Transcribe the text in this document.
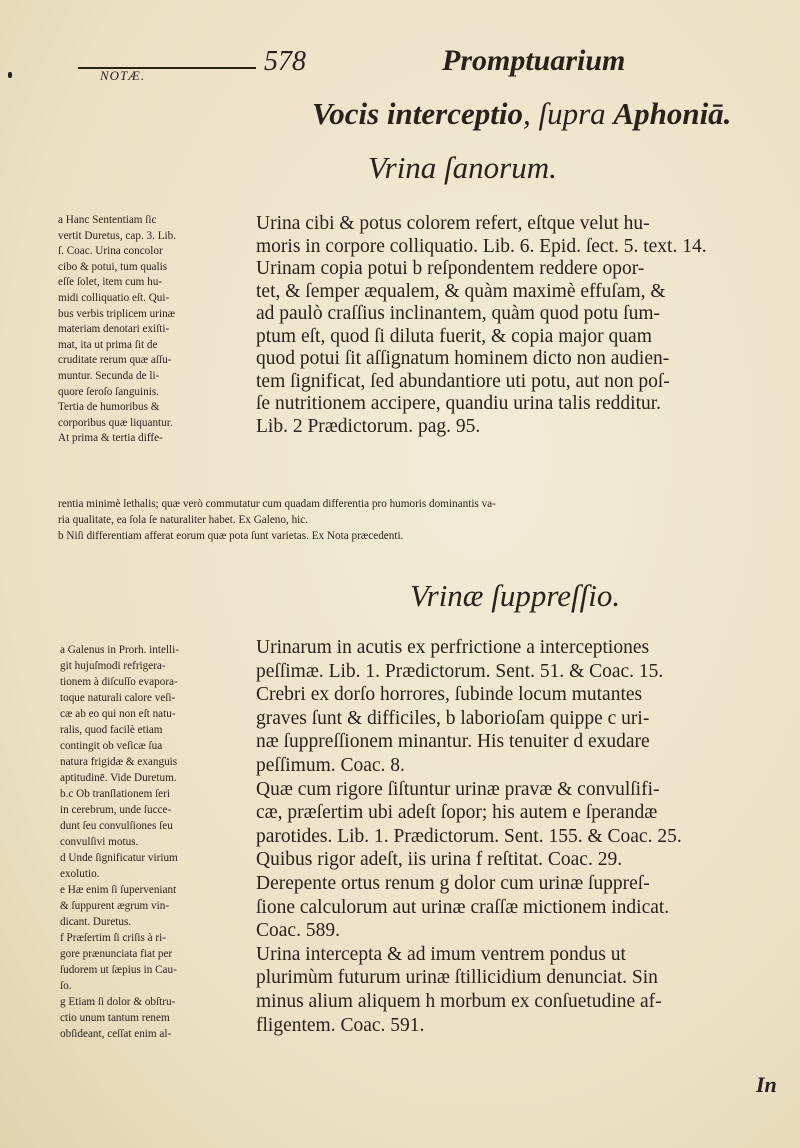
NOTÆ.	578	Promptuarium
Vocis interceptio, ſupra Aphoniā.
Vrina ſanorum.
a Hanc Sententiam ſic
vertit Duretus, cap. 3. Lib.
ſ. Coac. Urina concolor
cibo & potui, tum qualis
eſſe ſolet, item cum hu-
midi colliquatio eſt. Qui-
bus verbis triplicem urinæ
materiam denotari exiſti-
mat, ita ut prima ſit de
cruditate rerum quæ aſſu-
muntur. Secunda de li-
quore ſeroſo ſanguinis.
Tertia de humoribus &
corporibus quæ liquantur.
At prima & tertia diffe-
Urina cibi & potus colorem refert, eſtque velut hu-
moris in corpore colliquatio. Lib. 6. Epid. ſect. 5. text. 14.
Urinam copia potui b reſpondentem reddere opor-
tet, & ſemper æqualem, & quàm maximè effuſam, &
ad paulò craſſius inclinantem, quàm quod potu ſum-
ptum eſt, quod ſi diluta fuerit, & copia major quam
quod potui ſit aſſignatum hominem dicto non audien-
tem ſignificat, ſed abundantiore uti potu, aut non poſ-
ſe nutritionem accipere, quandiu urina talis redditur.
Lib. 2 Prædictorum. pag. 95.
rentia minimè lethalis; quæ verò commutatur cum quadam differentia pro humoris dominantis va-
ria qualitate, ea ſola ſe naturaliter habet. Ex Galeno, hic.
b Niſi differentiam afferat eorum quæ pota ſunt varietas. Ex Nota præcedenti.
Vrinæ ſuppreſſio.
a Galenus in Prorh. intelli-
git hujuſmodi refrigera-
tionem à diſcuſſo evapora-
toque naturali calore veſi-
cæ ab eo qui non eſt natu-
ralis, quod facilè etiam
contingit ob veſicæ ſua
natura frigidæ & exanguis
aptitudinē. Vide Duretum.
b.c Ob tranſlationem ſeri
in cerebrum, unde ſucce-
dunt ſeu convulſiones ſeu
convulſivi motus.
d Unde ſignificatur virium
exolutio.
e Hæ enim ſi ſuperveniant
& ſuppurent ægrum vin-
dicant. Duretus.
f Præſertim ſi criſis à ri-
gore prænunciata fiat per
ſudorem ut ſæpius in Cau-
ſo.
g Etiam ſi dolor & obſtru-
ctio unum tantum renem
obſideant, ceſſat enim al-
Urinarum in acutis ex perfrictione a interceptiones
peſſimæ. Lib. 1. Prædictorum. Sent. 51. & Coac. 15.
Crebri ex dorſo horrores, ſubinde locum mutantes
graves ſunt & difficiles, b laborioſam quippe c uri-
næ ſuppreſſionem minantur. His tenuiter d exudare
peſſimum. Coac. 8.
Quæ cum rigore ſiſtuntur urinæ pravæ & convulſifi-
cæ, præſertim ubi adeſt ſopor; his autem e ſperandæ
parotides. Lib. 1. Prædictorum. Sent. 155. & Coac. 25.
Quibus rigor adeſt, iis urina f reſtitat. Coac. 29.
Derepente ortus renum g dolor cum urinæ ſuppreſ-
ſione calculorum aut urinæ craſſæ mictionem indicat.
Coac. 589.
Urina intercepta & ad imum ventrem pondus ut
plurimùm futurum urinæ ſtillicidium denunciat. Sin
minus alium aliquem h morbum ex conſuetudine af-
fligentem. Coac. 591.
In
